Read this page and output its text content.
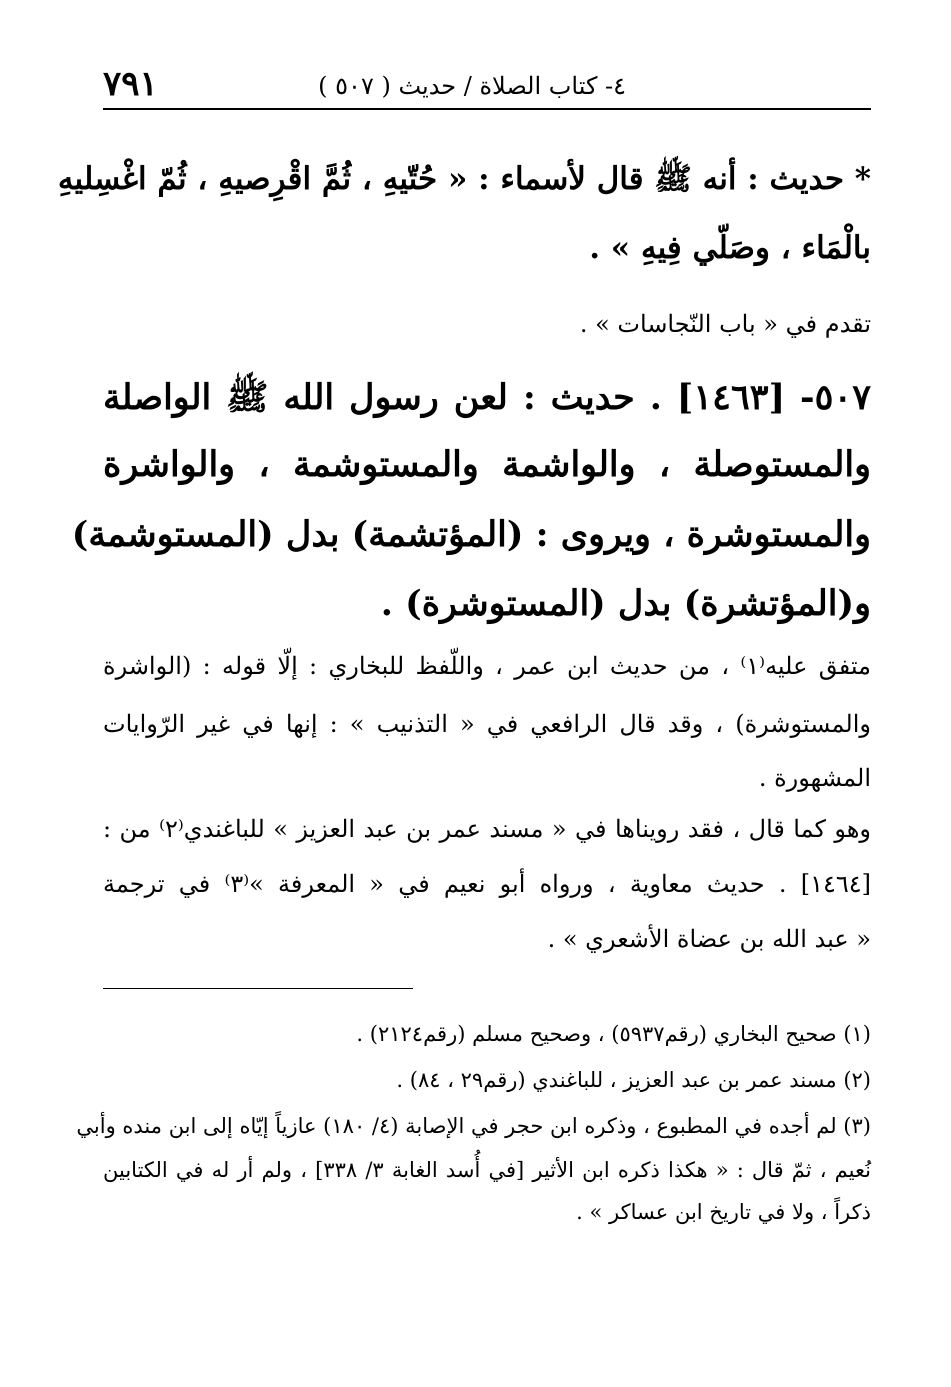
٤- كتاب الصلاة / حديث ( ٥٠٧ )
٧٩١
* حديث : أنه ﷺ قال لأسماء : « حُتّيهِ ، ثُمَّ اقْرِصيهِ ، ثُمّ اغْسِليهِ
بالْمَاء ، وصَلّي فِيهِ » .
تقدم في « باب النّجاسات » .
٥٠٧- [١٤٦٣] . حديث : لعن رسول الله ﷺ الواصلة
والمستوصلة ، والواشمة والمستوشمة ، والواشرة
والمستوشرة ، ويروى : (المؤتشمة) بدل (المستوشمة)
و(المؤتشرة) بدل (المستوشرة) .
متفق عليه⁽١⁾ ، من حديث ابن عمر ، واللّفظ للبخاري : إلّا قوله : (الواشرة
والمستوشرة) ، وقد قال الرافعي في « التذنيب » : إنها في غير الرّوايات
المشهورة .
وهو كما قال ، فقد رويناها في « مسند عمر بن عبد العزيز » للباغندي⁽٢⁾ من :
[١٤٦٤] . حديث معاوية ، ورواه أبو نعيم في « المعرفة »⁽٣⁾ في ترجمة
« عبد الله بن عضاة الأشعري » .
(١) صحيح البخاري (رقم٥٩٣٧) ، وصحيح مسلم (رقم٢١٢٤) .
(٢) مسند عمر بن عبد العزيز ، للباغندي (رقم٢٩ ، ٨٤) .
(٣) لم أجده في المطبوع ، وذكره ابن حجر في الإصابة (٤/ ١٨٠) عازياً إيّاه إلى ابن منده وأبي
نُعيم ، ثمّ قال : « هكذا ذكره ابن الأثير [في أُسد الغابة ٣/ ٣٣٨] ، ولم أر له في الكتابين
ذكراً ، ولا في تاريخ ابن عساكر » .
